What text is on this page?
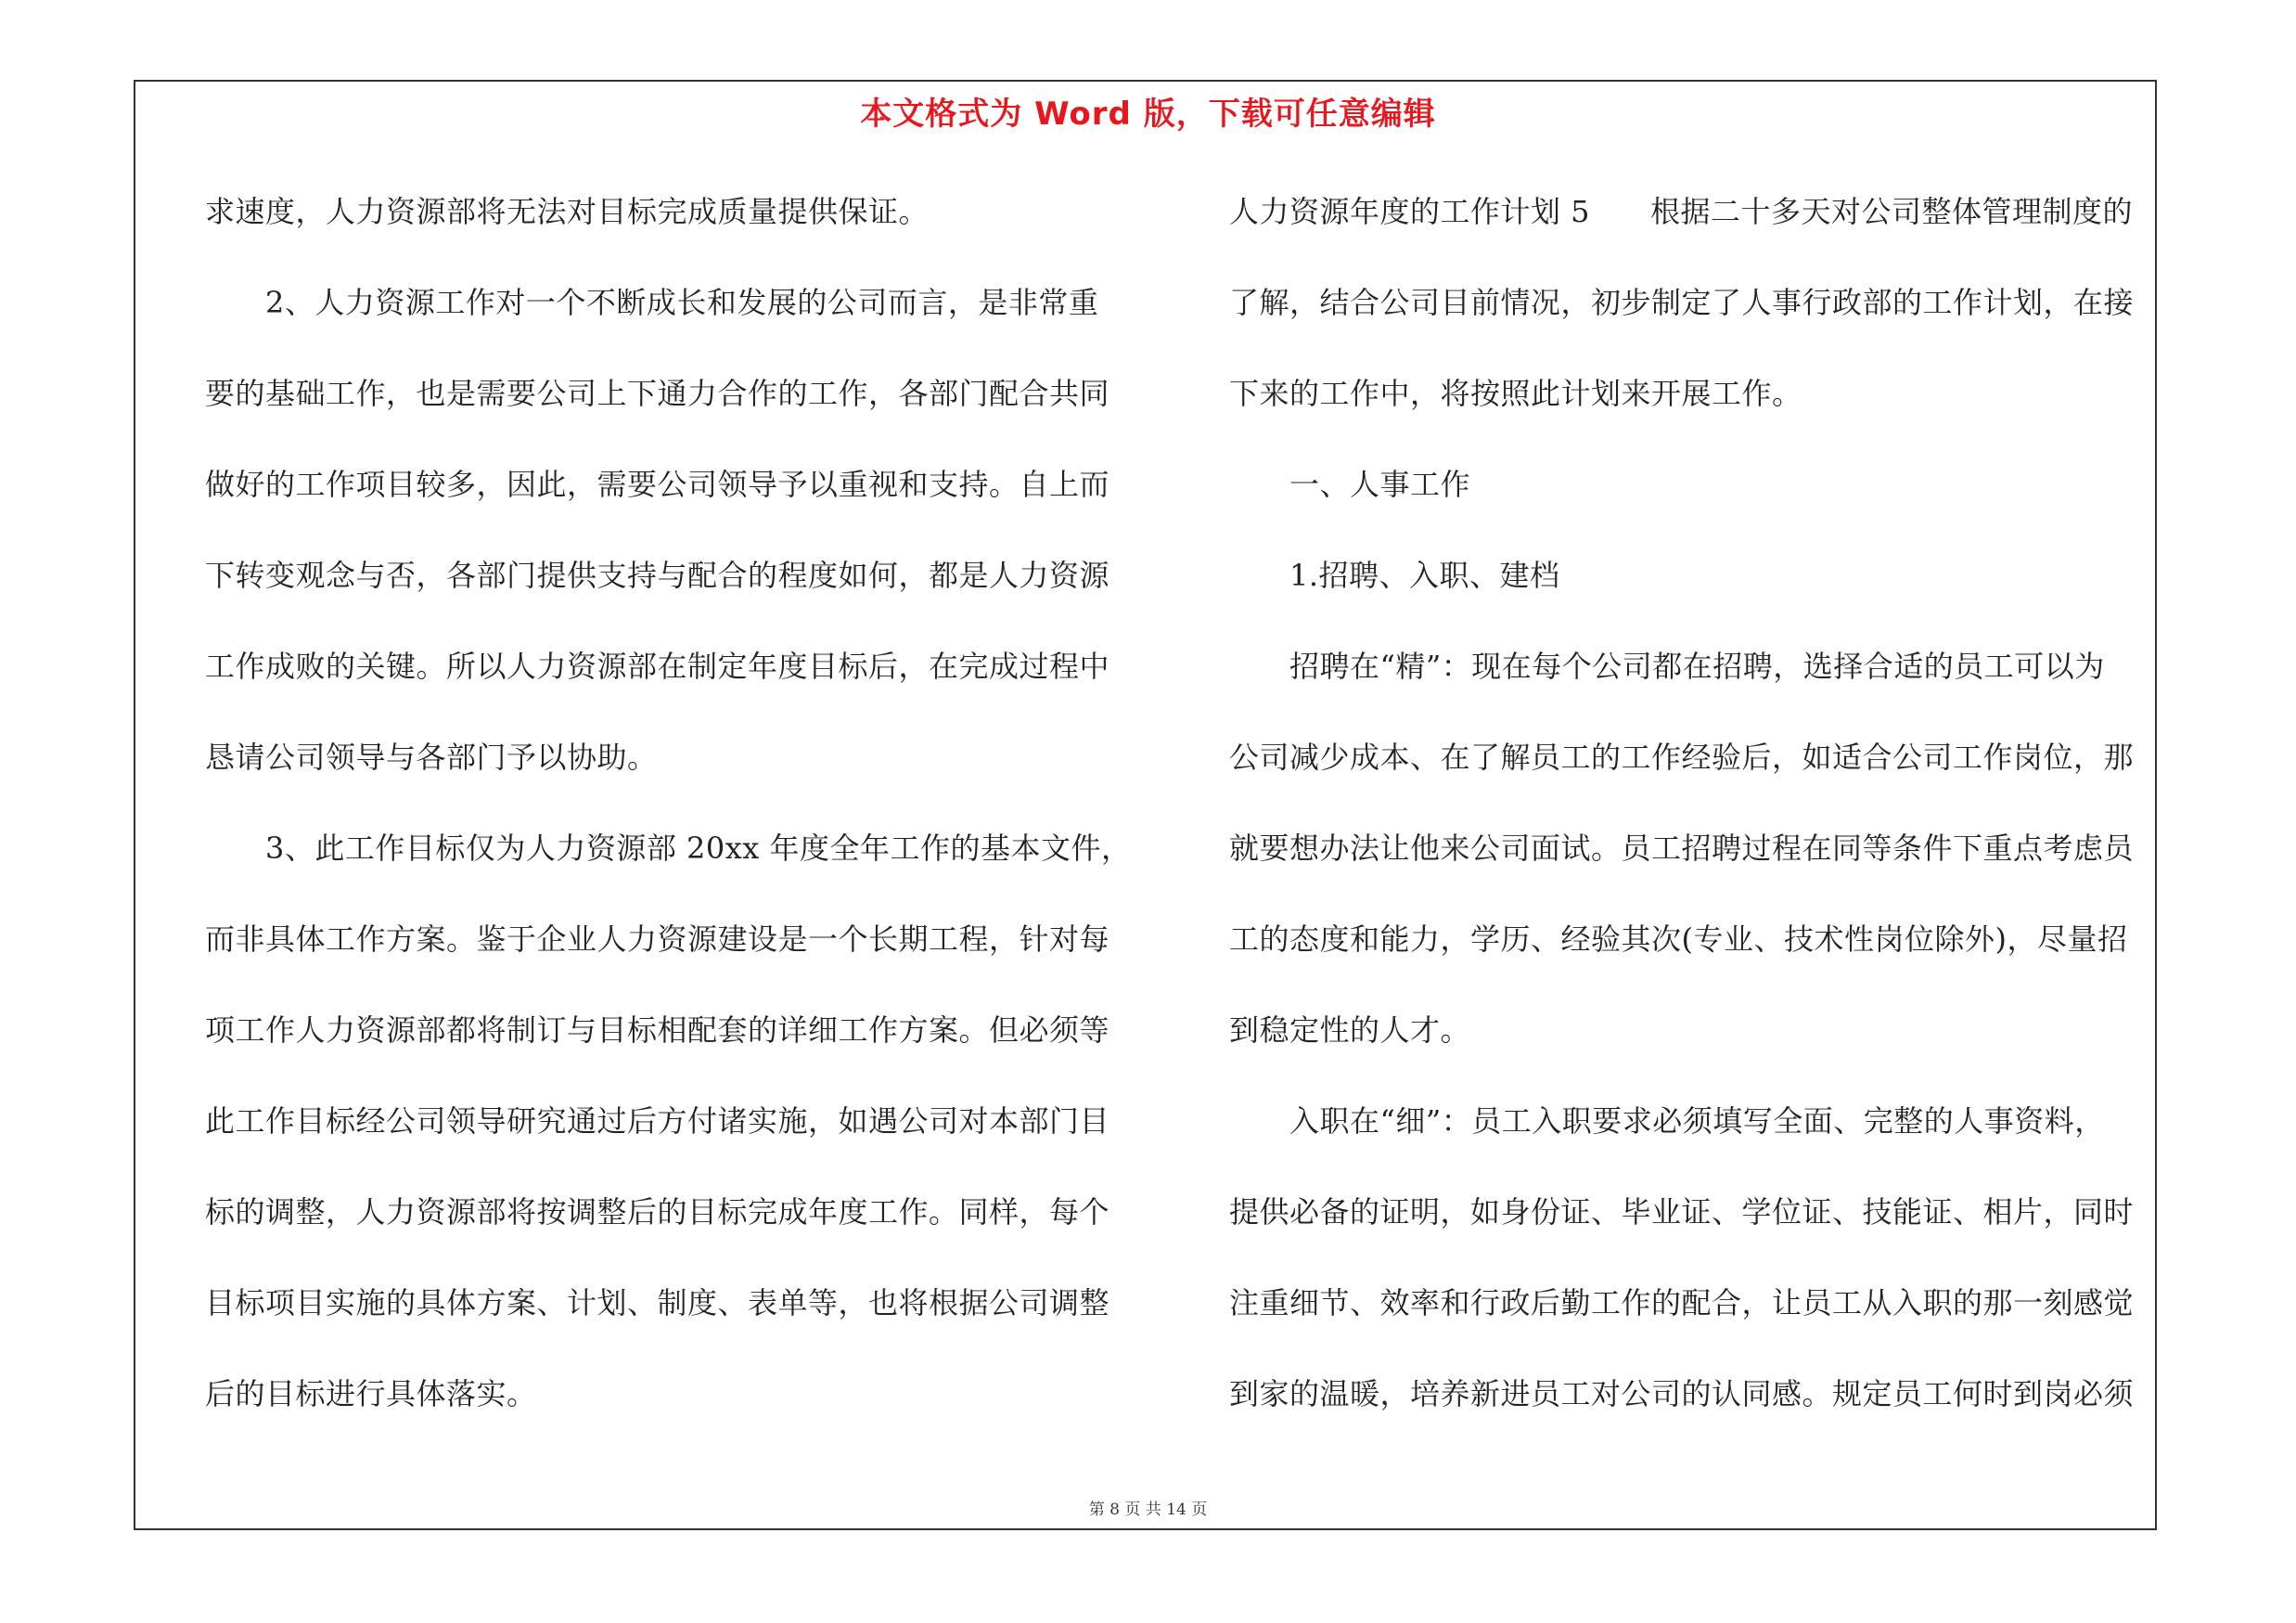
本文格式为 Word 版，下载可任意编辑

求速度，人力资源部将无法对目标完成质量提供保证。

　　2、人力资源工作对一个不断成长和发展的公司而言，是非常重

要的基础工作，也是需要公司上下通力合作的工作，各部门配合共同

做好的工作项目较多，因此，需要公司领导予以重视和支持。自上而

下转变观念与否，各部门提供支持与配合的程度如何，都是人力资源

工作成败的关键。所以人力资源部在制定年度目标后，在完成过程中

恳请公司领导与各部门予以协助。

　　3、此工作目标仅为人力资源部 20xx 年度全年工作的基本文件，

而非具体工作方案。鉴于企业人力资源建设是一个长期工程，针对每

项工作人力资源部都将制订与目标相配套的详细工作方案。但必须等

此工作目标经公司领导研究通过后方付诸实施，如遇公司对本部门目

标的调整，人力资源部将按调整后的目标完成年度工作。同样，每个

目标项目实施的具体方案、计划、制度、表单等，也将根据公司调整

后的目标进行具体落实。

人力资源年度的工作计划 5　　根据二十多天对公司整体管理制度的

了解，结合公司目前情况，初步制定了人事行政部的工作计划，在接

下来的工作中，将按照此计划来开展工作。

　　一、人事工作

　　1.招聘、入职、建档

　　招聘在“精”：现在每个公司都在招聘，选择合适的员工可以为

公司减少成本、在了解员工的工作经验后，如适合公司工作岗位，那

就要想办法让他来公司面试。员工招聘过程在同等条件下重点考虑员

工的态度和能力，学历、经验其次(专业、技术性岗位除外)，尽量招

到稳定性的人才。

　　入职在“细”：员工入职要求必须填写全面、完整的人事资料，

提供必备的证明，如身份证、毕业证、学位证、技能证、相片，同时

注重细节、效率和行政后勤工作的配合，让员工从入职的那一刻感觉

到家的温暖，培养新进员工对公司的认同感。规定员工何时到岗必须

第 8 页 共 14 页
